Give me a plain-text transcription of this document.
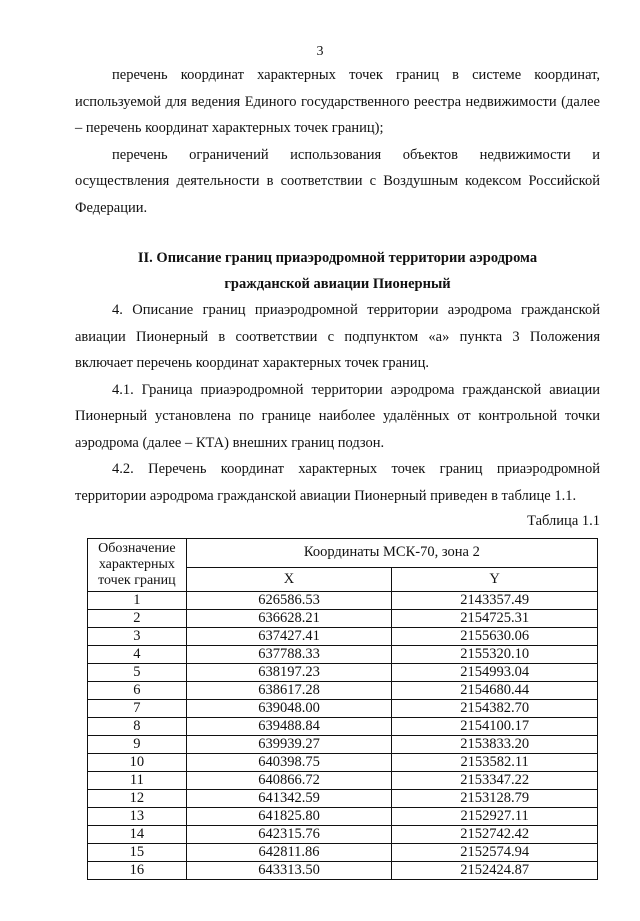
3

перечень координат характерных точек границ в системе координат, используемой для ведения Единого государственного реестра недвижимости (далее – перечень координат характерных точек границ);

перечень ограничений использования объектов недвижимости и осуществления деятельности в соответствии с Воздушным кодексом Российской Федерации.

II. Описание границ приаэродромной территории аэродрома
гражданской авиации Пионерный

4. Описание границ приаэродромной территории аэродрома гражданской авиации Пионерный в соответствии с подпунктом «а» пункта 3 Положения включает перечень координат характерных точек границ.

4.1. Граница приаэродромной территории аэродрома гражданской авиации Пионерный установлена по границе наиболее удалённых от контрольной точки аэродрома (далее – КТА) внешних границ подзон.

4.2. Перечень координат характерных точек границ приаэродромной территории аэродрома гражданской авиации Пионерный приведен в таблице 1.1.

Таблица 1.1
Обозначение характерных точек границ	Координаты МСК-70, зона 2	
	X	Y
1	626586.53	2143357.49
2	636628.21	2154725.31
3	637427.41	2155630.06
4	637788.33	2155320.10
5	638197.23	2154993.04
6	638617.28	2154680.44
7	639048.00	2154382.70
8	639488.84	2154100.17
9	639939.27	2153833.20
10	640398.75	2153582.11
11	640866.72	2153347.22
12	641342.59	2153128.79
13	641825.80	2152927.11
14	642315.76	2152742.42
15	642811.86	2152574.94
16	643313.50	2152424.87
